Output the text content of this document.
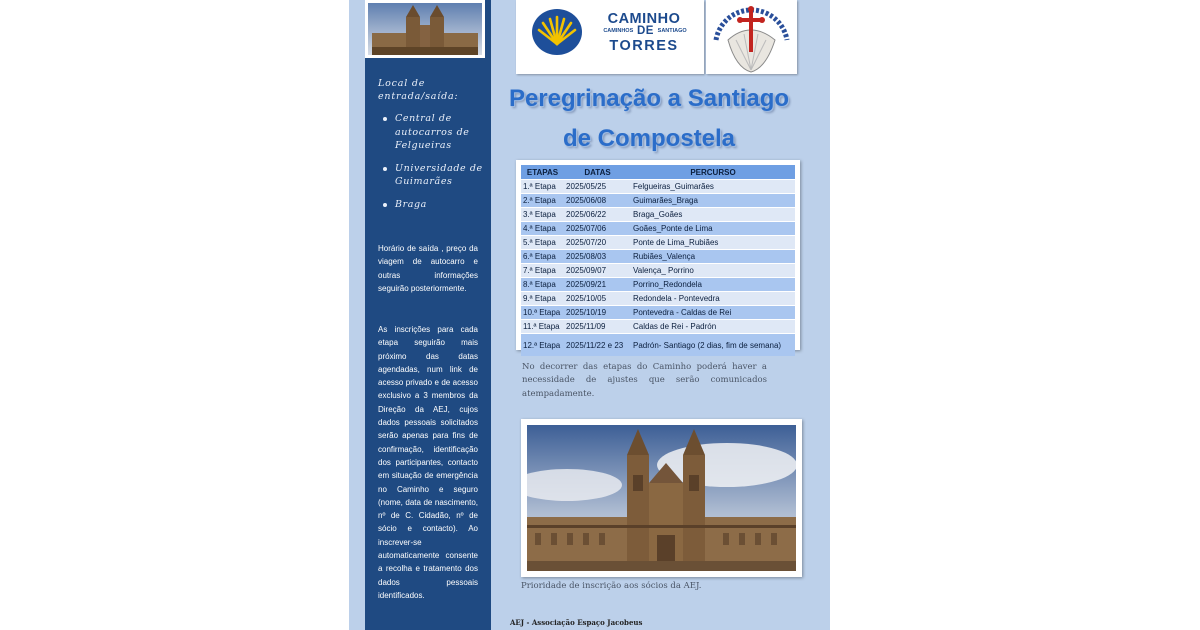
Local de entrada/saída:
Central de autocarros de Felgueiras
Universidade de Guimarães
Braga
Horário de saída , preço da viagem de autocarro e outras informações seguirão posteriormente.
As inscrições para cada etapa seguirão mais próximo das datas agendadas, num link de acesso privado e de acesso exclusivo a 3 membros da Direção da AEJ, cujos dados pessoais solicitados serão apenas para fins de confirmação, identificação dos participantes, contacto em situação de emergência no Caminho e seguro (nome, data de nascimento, nº de C. Cidadão, nº de sócio e contacto). Ao inscrever-se automaticamente consente a recolha e tratamento dos dados pessoais identificados.
CAMINHO
CAMINHOS DE SANTIAGO
TORRES
Peregrinação a Santiago
de Compostela
ETAPAS	DATAS	PERCURSO
1.ª Etapa	2025/05/25	Felgueiras_Guimarães
2.ª Etapa	2025/06/08	Guimarães_Braga
3.ª Etapa	2025/06/22	Braga_Goães
4.ª Etapa	2025/07/06	Goães_Ponte de Lima
5.ª Etapa	2025/07/20	Ponte de Lima_Rubiães
6.ª Etapa	2025/08/03	Rubiães_Valença
7.ª Etapa	2025/09/07	Valença_ Porrino
8.ª Etapa	2025/09/21	Porrino_Redondela
9.ª Etapa	2025/10/05	Redondela - Pontevedra
10.ª Etapa	2025/10/19	Pontevedra - Caldas de Rei
11.ª Etapa	2025/11/09	Caldas de Rei - Padrón
12.ª Etapa	2025/11/22 e 23	Padrón- Santiago (2 dias, fim de semana)
No decorrer das etapas do Caminho poderá haver a necessidade de ajustes que serão comunicados atempadamente.
Prioridade de inscrição aos sócios da AEJ.
AEJ - Associação Espaço Jacobeus
